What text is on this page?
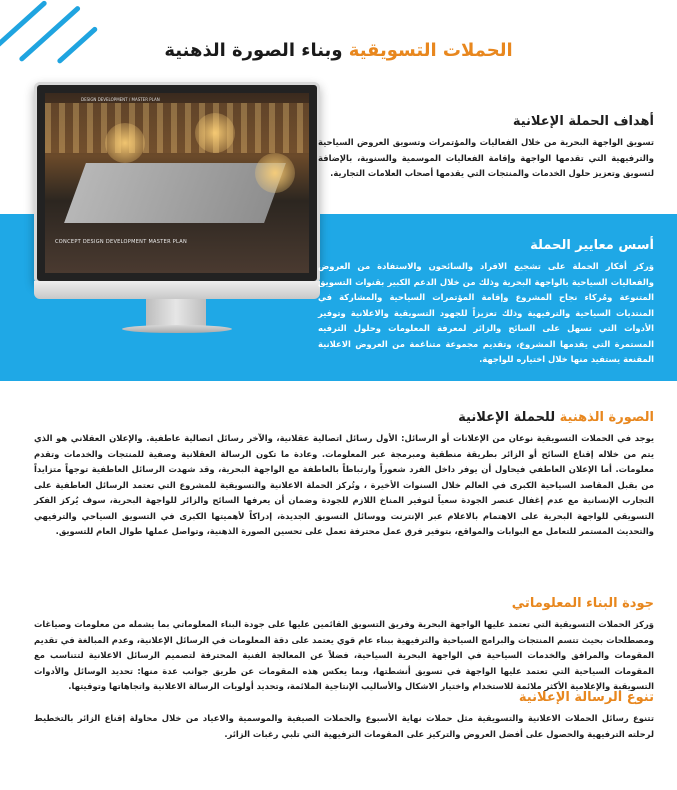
الحملات التسويقية وبناء الصورة الذهنية
DESIGN DEVELOPMENT / MASTER PLAN
CONCEPT DESIGN DEVELOPMENT MASTER PLAN
أهداف الحملة الإعلانية

تسويق الواجهة البحرية من خلال الفعاليات والمؤتمرات وتسويق العروض السياحية والترفيهية التي تقدمها الواجهة وإقامة الفعاليات الموسمية والسنوية، بالإضافة لتسويق وتعزيز حلول الخدمات والمنتجات التي يقدمها أصحاب العلامات التجارية.

أسس معايير الحملة

وَركز أفكار الحملة على تشجيع الافراد والسائحون والاستفادة من العروض والفعاليات السياحية بالواجهة البحرية وذلك من خلال الدعم الكبير بقنوات التسويق المتنوعة ومُركاء نجاح المشروع وإقامة المؤتمرات السياحية والمشاركة في المنتديات السياحية والترفيهية وذلك تعزيزاً للجهود التسويقية والاعلانية وتوفير الأدوات التي تسهل على السائح والزائر لمعرفة المعلومات وحلول الترفيه المستمرة التي يقدمها المشروع، وتقديم مجموعة متناغمة من العروض الاعلانية المقنعة يستفيد منها خلال اختياره للواجهة.

الصورة الذهنية للحملة الإعلانية

يوجد في الحملات التسويقية نوعان من الإعلانات أو الرسائل: الأول رسائل اتصالية عقلانية، والآخر رسائل اتصالية عاطفية. والإعلان العقلاني هو الذي يتم من خلاله إقناع السائح أو الزائر بطريقة منطقية ومبرمجة عبر المعلومات. وعادة ما تكون الرسالة العقلانية وصفية للمنتجات والخدمات وتقدم معلومات. أما الإعلان العاطفي فيحاول أن يوفر داخل الفرد شعوراً وارتباطاً بالعاطفة مع الواجهة البحرية، وقد شهدت الرسائل العاطفية توجهاً متزايداً من بقبل المقاصد السياحية الكبرى في العالم خلال السنوات الأخيرة ، وتُركز الحملة الاعلانية والتسويقية للمشروع التي تعتمد الرسائل العاطفية على التجارب الإنسانية مع عدم إغفال عنصر الجودة سعياً لتوفير المناخ اللازم للجودة وضمان أن يعرفها السائح والزائر للواجهة البحرية، سوف يُركز الفكر التسويقي للواجهة البحرية على الاهتمام بالاعلام عبر الإنترنت ووسائل التسويق الجديدة، إدراكاً لأهميتها الكبرى في التسويق السياحي والترفيهي والتحديث المستمر للتعامل مع البوابات والمواقع، بتوفير فرق عمل محترفة تعمل على تحسين الصورة الذهنية، وتواصل عملها طوال العام للتسويق.

جودة البناء المعلوماتي

وَركز الحملات التسويقية التي تعتمد عليها الواجهة البحرية وفريق التسويق القائمين عليها على جودة البناء المعلوماتي بما يشمله من معلومات وصياغات ومصطلحات بحيث تتسم المنتجات والبرامج السياحية والترفيهية ببناء عام قوي يعتمد على دقة المعلومات في الرسائل الإعلانية، وعدم المبالغة في تقديم المقومات والمرافق والخدمات السياحية في الواجهة البحرية السياحية، فضلاً عن المعالجة الفنية المحترفة لتصميم الرسائل الاعلانية لتتناسب مع المقومات السياحية التي تعتمد عليها الواجهة في تسويق أنشطتها، وبما يعكس هذه المقومات عن طريق جوانب عدة منها: تحديد الوسائل والأدوات التسويقية والإعلامية الأكثر ملائمة للاستخدام واختيار الاشكال والأساليب الإنتاجية الملائمة، وتحديد أولويات الرسالة الاعلانية واتجاهاتها وتوقيتها.

تنوع الرسالة الإعلانية

تتنوع رسائل الحملات الاعلانية والتسويقية مثل حملات نهاية الأسبوع والحملات الصيفية والموسمية والاعياد من خلال محاولة إقناع الزائر بالتخطيط لرحلته الترفيهية والحصول على أفضل العروض والتركيز على المقومات الترفيهية التي تلبي رغبات الزائر.
